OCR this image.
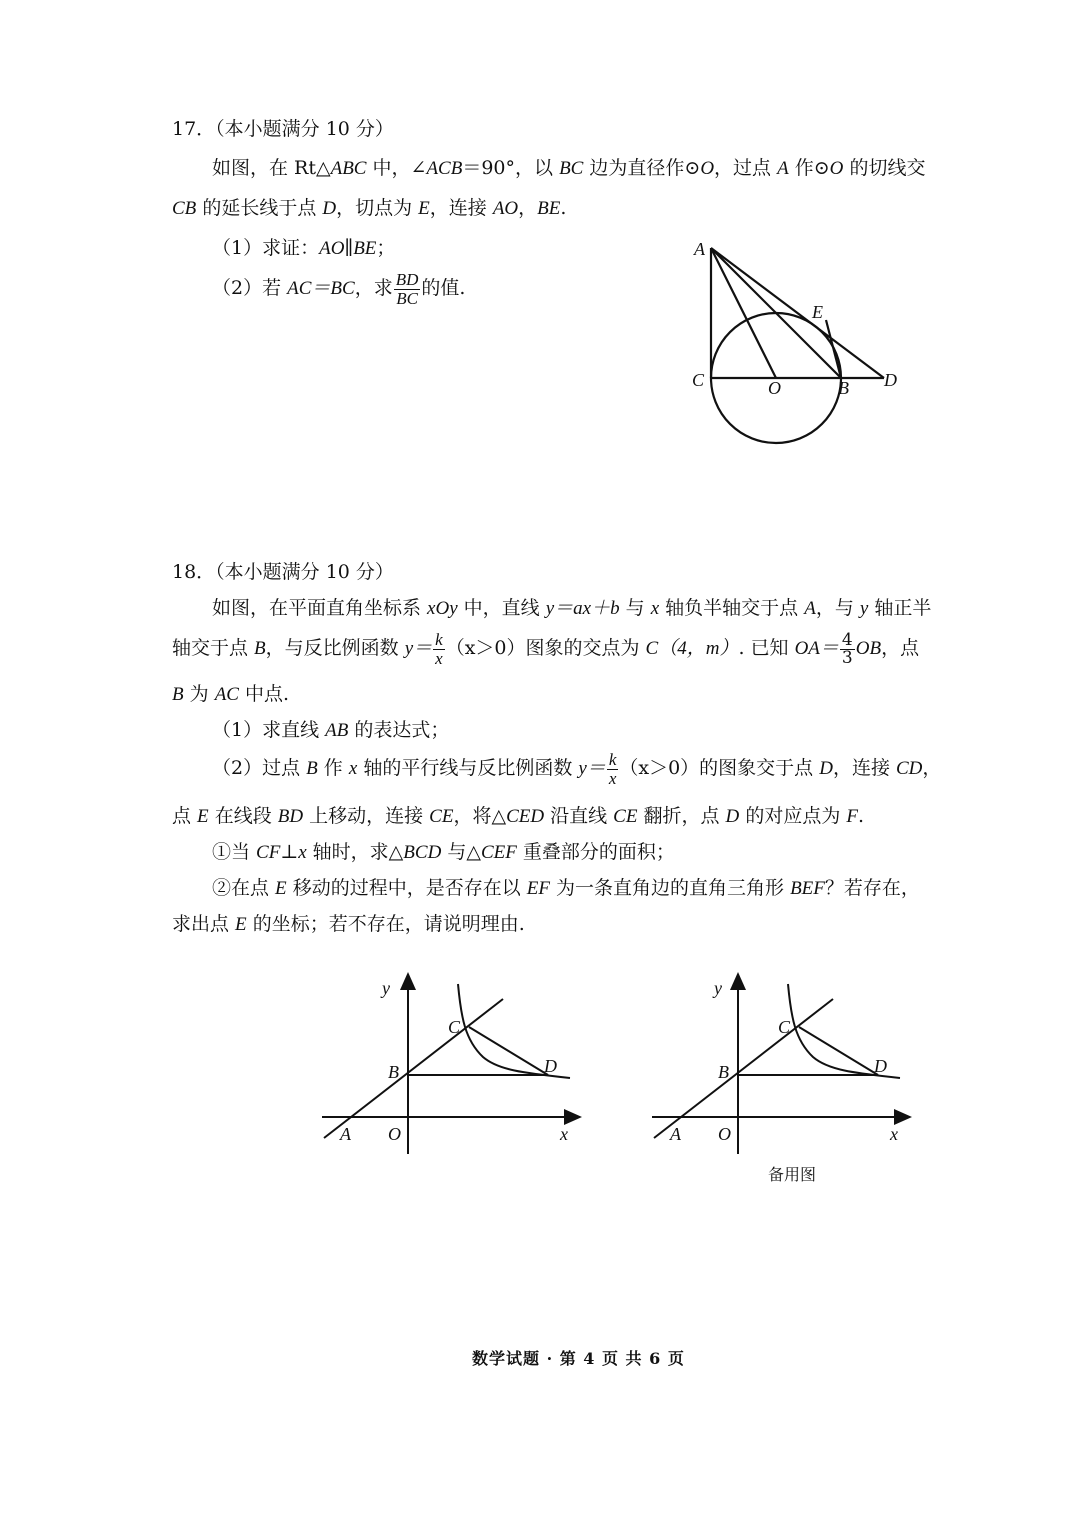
17．（本小题满分 10 分）
如图，在 Rt△ABC 中，∠ACB＝90°，以 BC 边为直径作⊙O，过点 A 作⊙O 的切线交
CB 的延长线于点 D，切点为 E，连接 AO，BE.
（1）求证：AO∥BE；
（2）若 AC＝BC，求 $\frac{BD}{BC}$ 的值.
A
E
C	O	B D
18．（本小题满分 10 分）
如图，在平面直角坐标系 xOy 中，直线 y＝ax＋b 与 x 轴负半轴交于点 A，与 y 轴正半
轴交于点 B，与反比例函数 $y= \frac{k}{x} (x>0)$图象的交点为 C（4，m）. 已知 $OA= \frac{4}{3}$ OB，点
B 为 AC 中点.
（1）求直线 AB 的表达式；
（2）过点 B 作 x 轴的平行线与反比例函数 $y= \frac{k}{x} (x>0)$的图象交于点 D，连接 CD，
点 E 在线段 BD 上移动，连接 CE，将△CED 沿直线 CE 翻折，点 D 的对应点为 F.
①当 CF⊥x 轴时，求△BCD 与△CEF 重叠部分的面积；
②在点 E 移动的过程中，是否存在以 EF 为一条直角边的直角三角形 BEF？若存在，
求出点 E 的坐标；若不存在，请说明理由.
y
x
C
B	D
A O
y
x
C
B	D
A O
备用图
数学试题 · 第 4 页 共 6 页
